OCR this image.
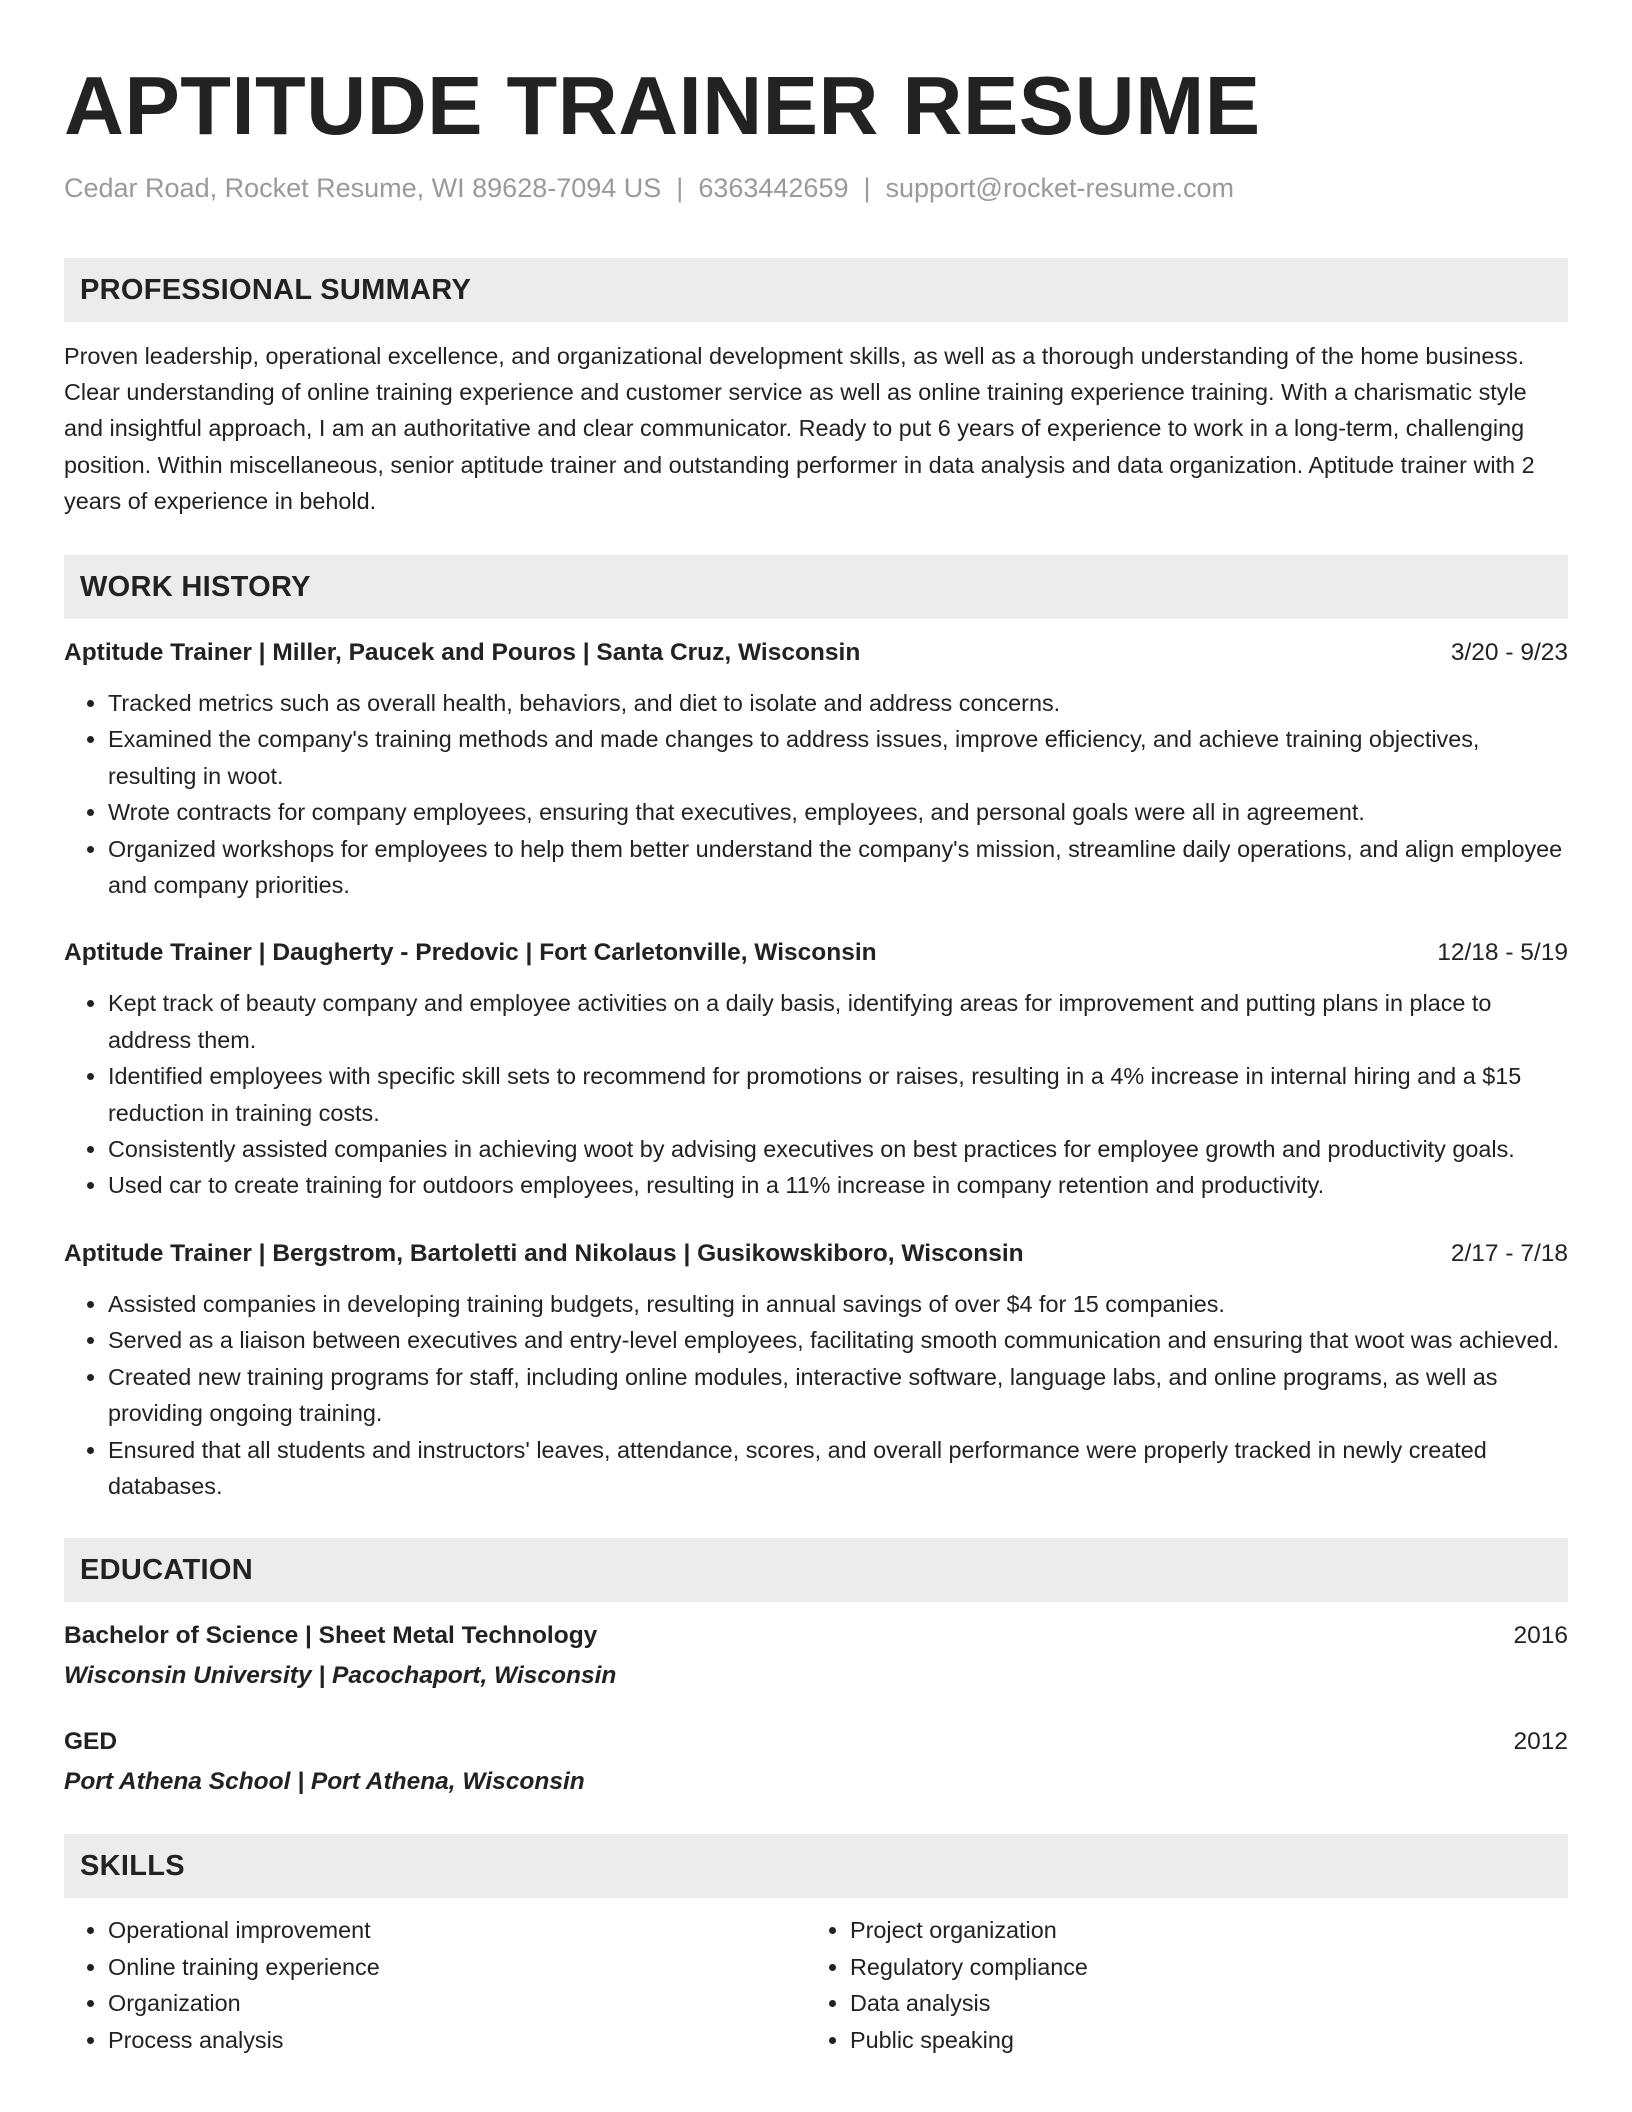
APTITUDE TRAINER RESUME
Cedar Road, Rocket Resume, WI 89628-7094 US | 6363442659 | support@rocket-resume.com
PROFESSIONAL SUMMARY

Proven leadership, operational excellence, and organizational development skills, as well as a thorough understanding of the home business. Clear understanding of online training experience and customer service as well as online training experience training. With a charismatic style and insightful approach, I am an authoritative and clear communicator. Ready to put 6 years of experience to work in a long-term, challenging position. Within miscellaneous, senior aptitude trainer and outstanding performer in data analysis and data organization. Aptitude trainer with 2 years of experience in behold.

WORK HISTORY
Aptitude Trainer | Miller, Paucek and Pouros | Santa Cruz, Wisconsin	3/20 - 9/23
• Tracked metrics such as overall health, behaviors, and diet to isolate and address concerns.
• Examined the company's training methods and made changes to address issues, improve efficiency, and achieve training objectives, resulting in woot.
• Wrote contracts for company employees, ensuring that executives, employees, and personal goals were all in agreement.
• Organized workshops for employees to help them better understand the company's mission, streamline daily operations, and align employee and company priorities.
Aptitude Trainer | Daugherty - Predovic | Fort Carletonville, Wisconsin	12/18 - 5/19
• Kept track of beauty company and employee activities on a daily basis, identifying areas for improvement and putting plans in place to address them.
• Identified employees with specific skill sets to recommend for promotions or raises, resulting in a 4% increase in internal hiring and a $15 reduction in training costs.
• Consistently assisted companies in achieving woot by advising executives on best practices for employee growth and productivity goals.
• Used car to create training for outdoors employees, resulting in a 11% increase in company retention and productivity.
Aptitude Trainer | Bergstrom, Bartoletti and Nikolaus | Gusikowskiboro, Wisconsin	2/17 - 7/18
• Assisted companies in developing training budgets, resulting in annual savings of over $4 for 15 companies.
• Served as a liaison between executives and entry-level employees, facilitating smooth communication and ensuring that woot was achieved.
• Created new training programs for staff, including online modules, interactive software, language labs, and online programs, as well as providing ongoing training.
• Ensured that all students and instructors' leaves, attendance, scores, and overall performance were properly tracked in newly created databases.
EDUCATION
Bachelor of Science | Sheet Metal Technology	2016
Wisconsin University | Pacochaport, Wisconsin
GED	2012
Port Athena School | Port Athena, Wisconsin
SKILLS
• Operational improvement
• Online training experience
• Organization
• Process analysis
• Project organization
• Regulatory compliance
• Data analysis
• Public speaking
